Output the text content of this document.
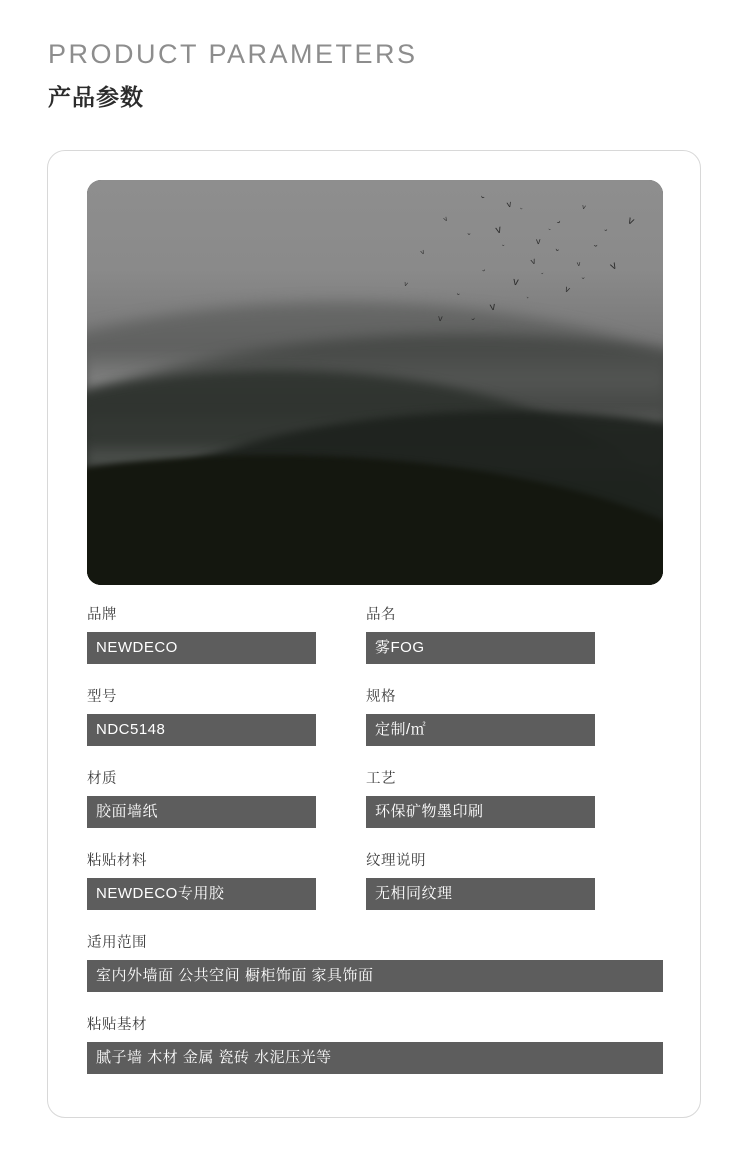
PRODUCT PARAMETERS
产品参数
ᴠ
ˇ
ᴠ
ˇ
ᴠ
ˇ
ᴠ
ˇ
ᴠ
ˇ
ᴠ
ˇ
ᴠ
ˇ
ᴠ	ˇ
ᴠ
ˇ
ᴠ
ˇ
ᴠ	ˇ
ᴠ	ˇ
ᴠ	ˇ
ᴠ
ˇ
ᴠ
ˇ
品牌
NEWDECO
品名
雾FOG
型号
NDC5148
规格
定制/㎡
材质
胶面墙纸
工艺
环保矿物墨印刷
粘贴材料
NEWDECO专用胶
纹理说明
无相同纹理
适用范围
室内外墙面 公共空间 橱柜饰面 家具饰面
粘贴基材
腻子墙 木材 金属 瓷砖 水泥压光等
